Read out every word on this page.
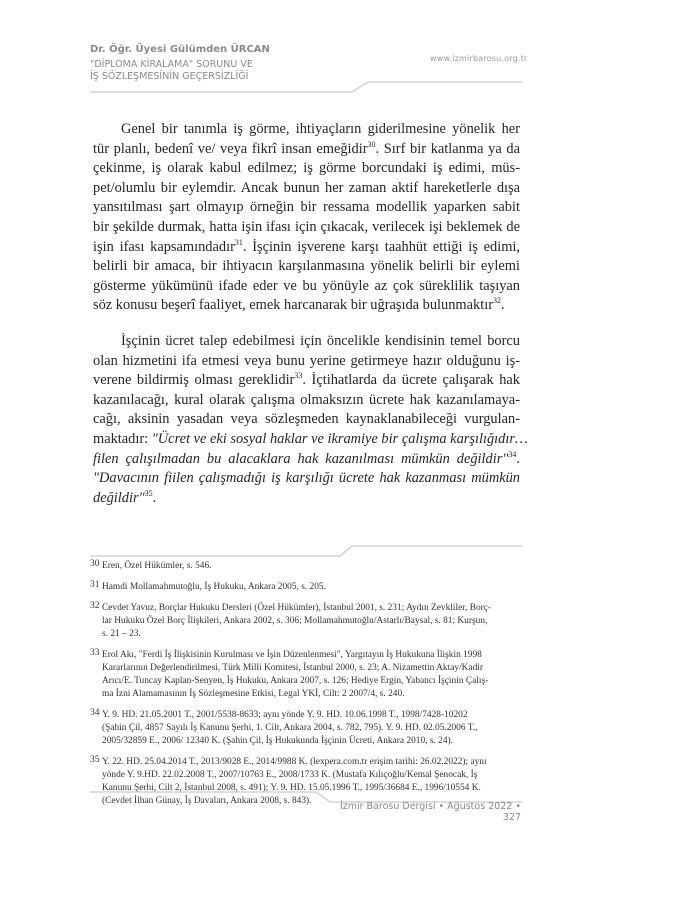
Dr. Öğr. Üyesi Gülümden ÜRCAN
"DİPLOMA KİRALAMA" SORUNU VE
İŞ SÖZLEŞMESİNİN GEÇERSİZLİĞİ
www.izmirbarosu.org.tr
Genel bir tanımla iş görme, ihtiyaçların giderilmesine yönelik her
tür planlı, bedenî ve/ veya fikrî insan emeğidir$^{30}$. Sırf bir katlanma ya da
çekinme, iş olarak kabul edilmez; iş görme borcundaki iş edimi, müs-
pet/olumlu bir eylemdir. Ancak bunun her zaman aktif hareketlerle dışa
yansıtılması şart olmayıp örneğin bir ressama modellik yaparken sabit
bir şekilde durmak, hatta işin ifası için çıkacak, verilecek işi beklemek de
işin ifası kapsamındadır$^{31}$. İşçinin işverene karşı taahhüt ettiği iş edimi,
belirli bir amaca, bir ihtiyacın karşılanmasına yönelik belirli bir eylemi
gösterme yükümünü ifade eder ve bu yönüyle az çok süreklilik taşıyan
söz konusu beşerî faaliyet, emek harcanarak bir uğraşıda bulunmaktır$^{32}$.
İşçinin ücret talep edebilmesi için öncelikle kendisinin temel borcu
olan hizmetini ifa etmesi veya bunu yerine getirmeye hazır olduğunu iş-
verene bildirmiş olması gereklidir$^{33}$. İçtihatlarda da ücrete çalışarak hak
kazanılacağı, kural olarak çalışma olmaksızın ücrete hak kazanılamaya-
cağı, aksinin yasadan veya sözleşmeden kaynaklanabileceği vurgulan-
maktadır: "Ücret ve eki sosyal haklar ve ikramiye bir çalışma karşılığıdır…
filen çalışılmadan bu alacaklara hak kazanılması mümkün değildir"$^{34}$.
"Davacının fiilen çalışmadığı iş karşılığı ücrete hak kazanması mümkün
değildir"$^{35}$.
30 Eren, Özel Hükümler, s. 546.
31 Hamdi Mollamahmutoğlu, İş Hukuku, Ankara 2005, s. 205.
32 Cevdet Yavuz, Borçlar Hukuku Dersleri (Özel Hükümler), İstanbul 2001, s. 231; Aydın Zevkliler, Borç-
lar Hukuku Özel Borç İlişkileri, Ankara 2002, s. 306; Mollamahmutoğlu/Astarlı/Baysal, s. 81; Kurşun,
s. 21 – 23.
33 Erol Akı, "Ferdi İş İlişkisinin Kurulması ve İşin Düzenlenmesi", Yargıtayın İş Hukukuna İlişkin 1998
Kararlarının Değerlendirilmesi, Türk Milli Komitesi, İstanbul 2000, s. 23; A. Nizamettin Aktay/Kadir
Arıcı/E. Tuncay Kaplan-Senyen, İş Hukuku, Ankara 2007, s. 126; Hediye Ergin, Yabancı İşçinin Çalış-
ma İzni Alamamasının İş Sözleşmesine Etkisi, Legal YKİ, Cilt: 2 2007/4, s. 240.
34 Y. 9. HD. 21.05.2001 T., 2001/5538-8633; aynı yönde Y. 9. HD. 10.06.1998 T., 1998/7428-10202
(Şahin Çil, 4857 Sayılı İş Kanunu Şerhi, 1. Cilt, Ankara 2004, s. 782, 795). Y. 9. HD. 02.05.2006 T.,
2005/32859 E., 2006/ 12340 K. (Şahin Çil, İş Hukukunda İşçinin Ücreti, Ankara 2010, s. 24).
35 Y. 22. HD. 25.04.2014 T., 2013/9028 E., 2014/9988 K. (lexpera.com.tr erişim tarihi: 26.02.2022); aynı
yönde Y. 9.HD. 22.02.2008 T., 2007/10763 E., 2008/1733 K. (Mustafa Kılıçoğlu/Kemal Şenocak, İş
Kanunu Şerhi, Cilt 2, İstanbul 2008, s. 491); Y. 9. HD. 15.05.1996 T., 1995/36684 E., 1996/10554 K.
(Cevdet İlhan Günay, İş Davaları, Ankara 2008, s. 843).	İzmir Barosu Dergisi • Ağustos 2022 • 327
